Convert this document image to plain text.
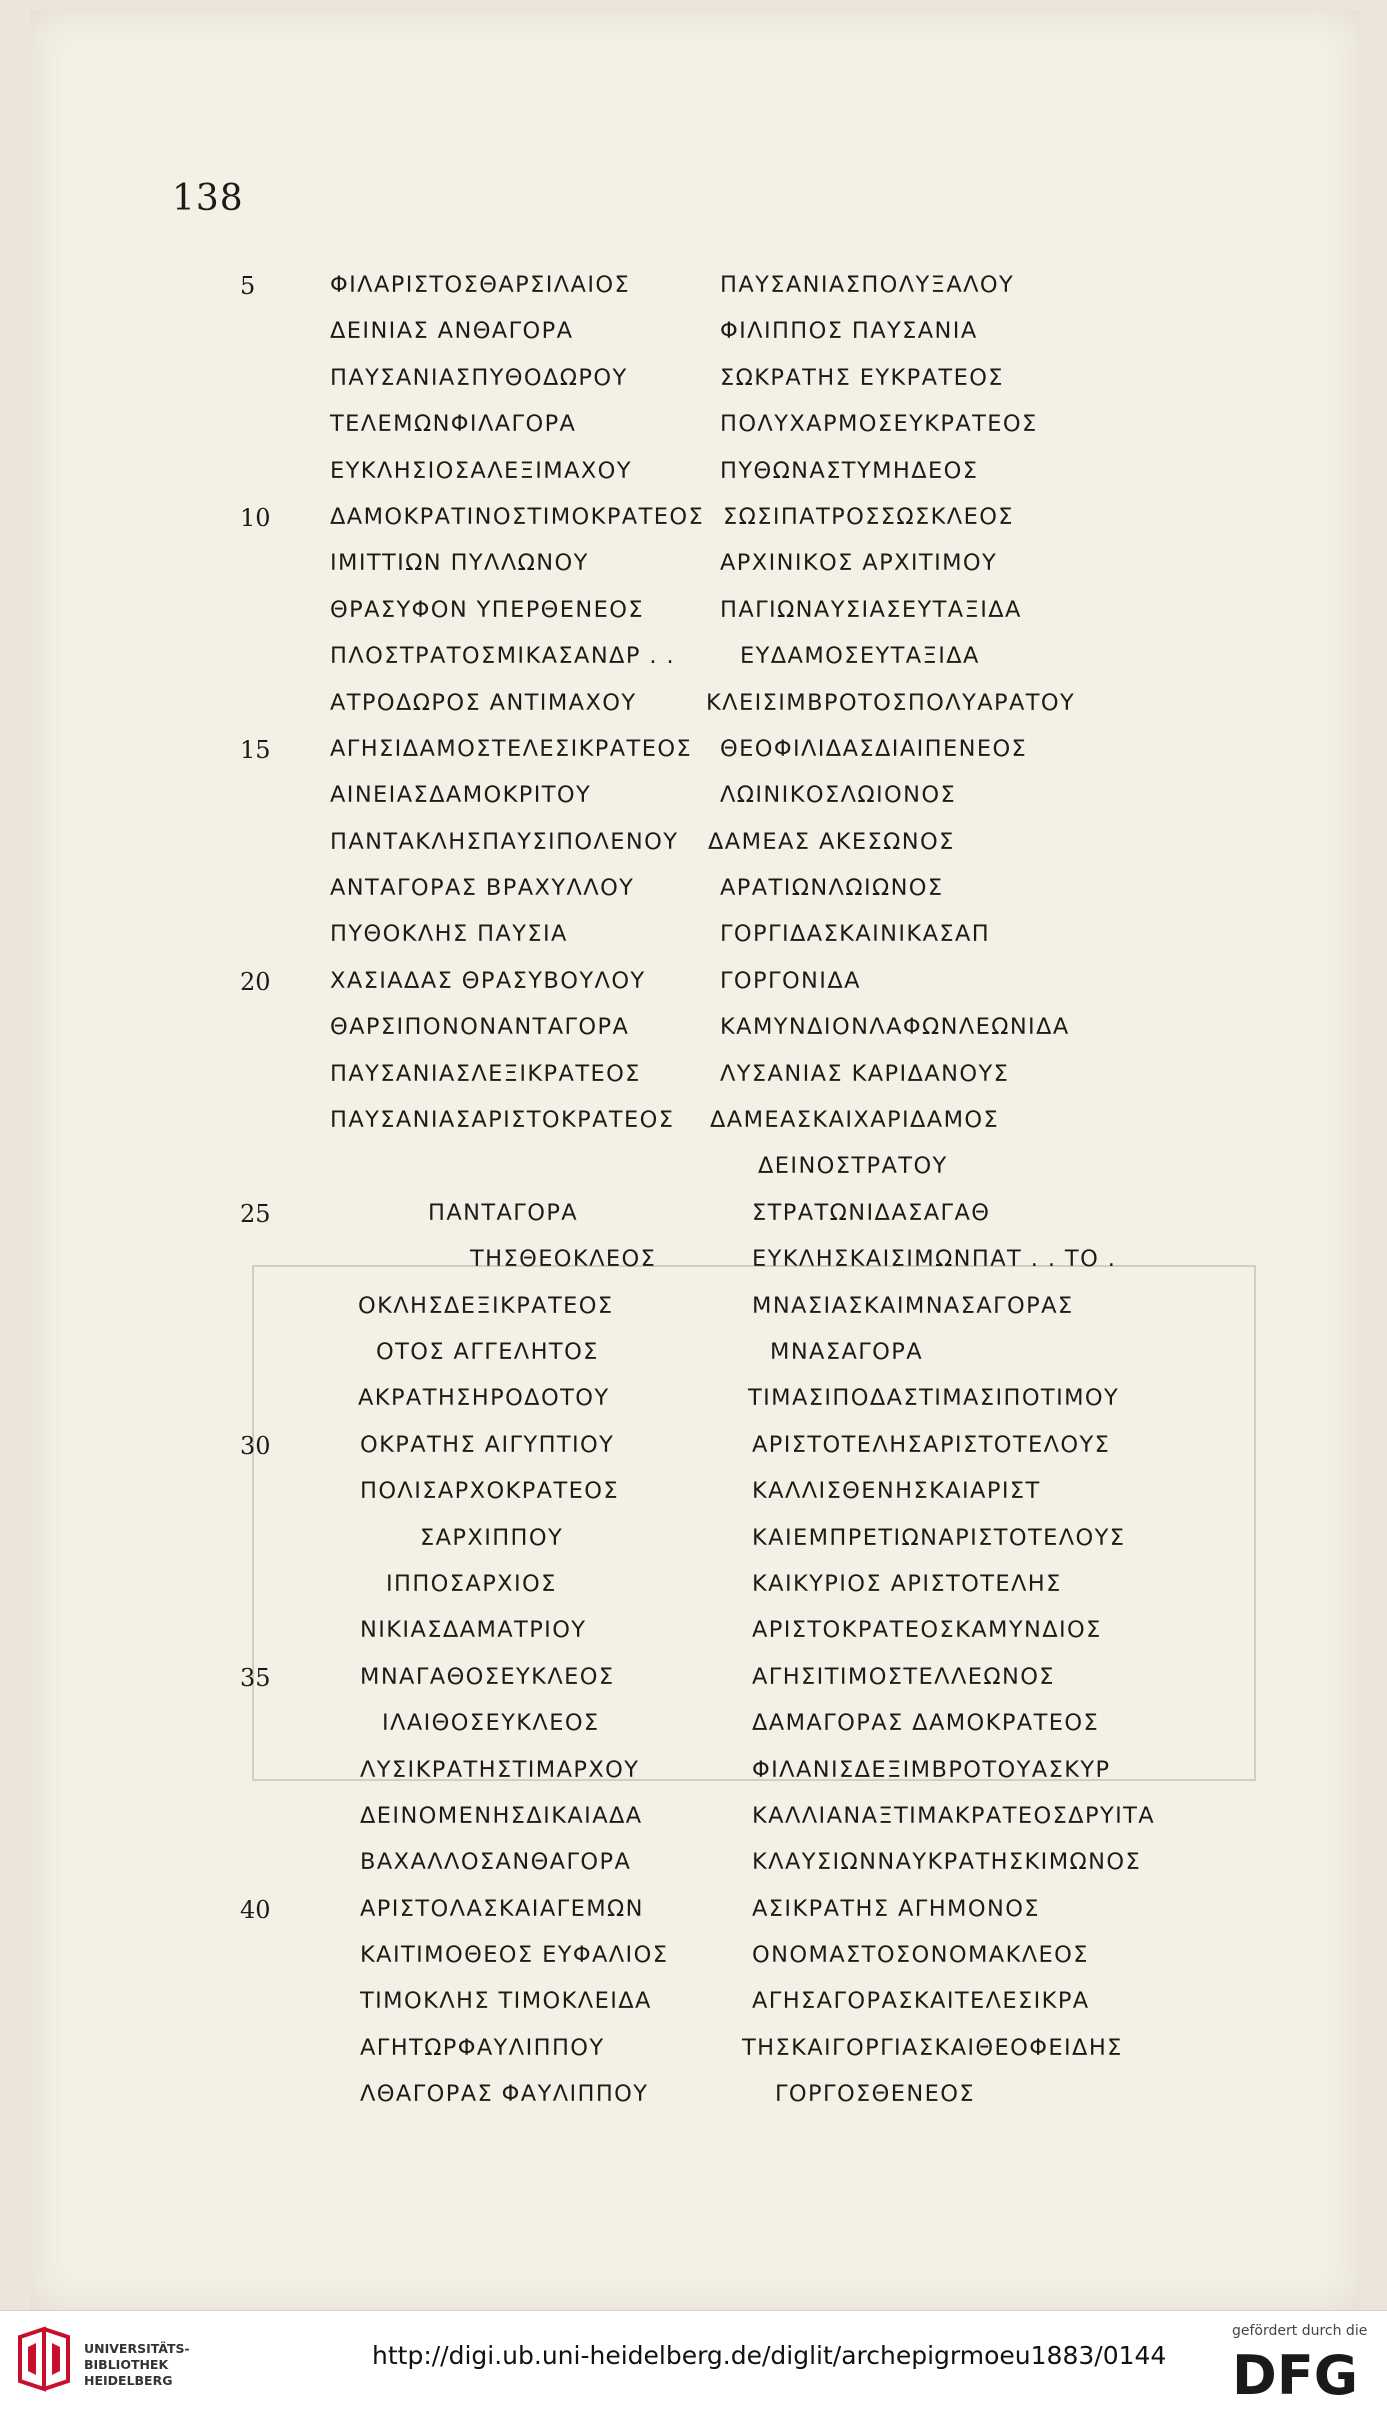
138
5	ΦΙΛΑΡΙΣΤΟΣΘΑΡΣΙΛΑΙΟΣ	ΠΑΥΣΑΝΙΑΣΠΟΛΥΞΑΛΟΥ
ΔΕΙΝΙΑΣ ΑΝΘΑΓΟΡΑ	ΦΙΛΙΠΠΟΣ ΠΑΥΣΑΝΙΑ
ΠΑΥΣΑΝΙΑΣΠΥΘΟΔΩΡΟΥ	ΣΩΚΡΑΤΗΣ ΕΥΚΡΑΤΕΟΣ
ΤΕΛΕΜΩΝΦΙΛΑΓΟΡΑ	ΠΟΛΥΧΑΡΜΟΣΕΥΚΡΑΤΕΟΣ
ΕΥΚΛΗΣΙΟΣΑΛΕΞΙΜΑΧΟΥ	ΠΥΘΩΝΑΣΤΥΜΗΔΕΟΣ
10	ΔΑΜΟΚΡΑΤΙΝΟΣΤΙΜΟΚΡΑΤΕΟΣ ΣΩΣΙΠΑΤΡΟΣΣΩΣΚΛΕΟΣ
ΙΜΙΤΤΙΩΝ ΠΥΛΛΩΝΟΥ	ΑΡΧΙΝΙΚΟΣ ΑΡΧΙΤΙΜΟΥ
ΘΡΑΣΥΦΟΝ ΥΠΕΡΘΕΝΕΟΣ	ΠΑΓΙΩΝΑΥΣΙΑΣΕΥΤΑΞΙΔΑ
ΠΛΟΣΤΡΑΤΟΣΜΙΚΑΣΑΝΔΡ . .	ΕΥΔΑΜΟΣΕΥΤΑΞΙΔΑ
ΑΤΡΟΔΩΡΟΣ ΑΝΤΙΜΑΧΟΥ	ΚΛΕΙΣΙΜΒΡΟΤΟΣΠΟΛΥΑΡΑΤΟΥ
15	ΑΓΗΣΙΔΑΜΟΣΤΕΛΕΣΙΚΡΑΤΕΟΣ ΘΕΟΦΙΛΙΔΑΣΔΙΑΙΠΕΝΕΟΣ
ΑΙΝΕΙΑΣΔΑΜΟΚΡΙΤΟΥ	ΛΩΙΝΙΚΟΣΛΩΙΟΝΟΣ
ΠΑΝΤΑΚΛΗΣΠΑΥΣΙΠΟΛΕΝΟΥ ΔΑΜΕΑΣ ΑΚΕΣΩΝΟΣ
ΑΝΤΑΓΟΡΑΣ ΒΡΑΧΥΛΛΟΥ	ΑΡΑΤΙΩΝΛΩΙΩΝΟΣ
ΠΥΘΟΚΛΗΣ ΠΑΥΣΙΑ	ΓΟΡΓΙΔΑΣΚΑΙΝΙΚΑΣΑΠ
20	ΧΑΣΙΑΔΑΣ ΘΡΑΣΥΒΟΥΛΟΥ	ΓΟΡΓΟΝΙΔΑ
ΘΑΡΣΙΠΟΝΟΝΑΝΤΑΓΟΡΑ	ΚΑΜΥΝΔΙΟΝΛΑΦΩΝΛΕΩΝΙΔΑ
ΠΑΥΣΑΝΙΑΣΛΕΞΙΚΡΑΤΕΟΣ	ΛΥΣΑΝΙΑΣ ΚΑΡΙΔΑΝΟΥΣ
ΠΑΥΣΑΝΙΑΣΑΡΙΣΤΟΚΡΑΤΕΟΣ ΔΑΜΕΑΣΚΑΙΧΑΡΙΔΑΜΟΣ
ΔΕΙΝΟΣΤΡΑΤΟΥ
25	ΠΑΝΤΑΓΟΡΑ	ΣΤΡΑΤΩΝΙΔΑΣΑΓΑΘ
ΤΗΣΘΕΟΚΛΕΟΣ	ΕΥΚΛΗΣΚΑΙΣΙΜΩΝΠΑΤ . . ΤΟ .
ΟΚΛΗΣΔΕΞΙΚΡΑΤΕΟΣ	ΜΝΑΣΙΑΣΚΑΙΜΝΑΣΑΓΟΡΑΣ
ΟΤΟΣ ΑΓΓΕΛΗΤΟΣ	ΜΝΑΣΑΓΟΡΑ
ΑΚΡΑΤΗΣΗΡΟΔΟΤΟΥ	ΤΙΜΑΣΙΠΟΔΑΣΤΙΜΑΣΙΠΟΤΙΜΟΥ
30	ΟΚΡΑΤΗΣ ΑΙΓΥΠΤΙΟΥ	ΑΡΙΣΤΟΤΕΛΗΣΑΡΙΣΤΟΤΕΛΟΥΣ
ΠΟΛΙΣΑΡΧΟΚΡΑΤΕΟΣ	ΚΑΛΛΙΣΘΕΝΗΣΚΑΙΑΡΙΣΤ
ΣΑΡΧΙΠΠΟΥ	ΚΑΙΕΜΠΡΕΤΙΩΝΑΡΙΣΤΟΤΕΛΟΥΣ
ΙΠΠΟΣΑΡΧΙΟΣ	ΚΑΙΚΥΡΙΟΣ ΑΡΙΣΤΟΤΕΛΗΣ
ΝΙΚΙΑΣΔΑΜΑΤΡΙΟΥ	ΑΡΙΣΤΟΚΡΑΤΕΟΣΚΑΜΥΝΔΙΟΣ
35	ΜΝΑΓΑΘΟΣΕΥΚΛΕΟΣ	ΑΓΗΣΙΤΙΜΟΣΤΕΛΛΕΩΝΟΣ
ΙΛΑΙΘΟΣΕΥΚΛΕΟΣ	ΔΑΜΑΓΟΡΑΣ ΔΑΜΟΚΡΑΤΕΟΣ
ΛΥΣΙΚΡΑΤΗΣΤΙΜΑΡΧΟΥ	ΦΙΛΑΝΙΣΔΕΞΙΜΒΡΟΤΟΥΑΣΚΥΡ
ΔΕΙΝΟΜΕΝΗΣΔΙΚΑΙΑΔΑ	ΚΑΛΛΙΑΝΑΞΤΙΜΑΚΡΑΤΕΟΣΔΡΥΙΤΑ
ΒΑΧΑΛΛΟΣΑΝΘΑΓΟΡΑ	ΚΛΑΥΣΙΩΝΝΑΥΚΡΑΤΗΣΚΙΜΩΝΟΣ
40	ΑΡΙΣΤΟΛΑΣΚΑΙΑΓΕΜΩΝ	ΑΣΙΚΡΑΤΗΣ ΑΓΗΜΟΝΟΣ
ΚΑΙΤΙΜΟΘΕΟΣ ΕΥΦΑΛΙΟΣ	ΟΝΟΜΑΣΤΟΣΟΝΟΜΑΚΛΕΟΣ
ΤΙΜΟΚΛΗΣ ΤΙΜΟΚΛΕΙΔΑ	ΑΓΗΣΑΓΟΡΑΣΚΑΙΤΕΛΕΣΙΚΡΑ
ΑΓΗΤΩΡΦΑΥΛΙΠΠΟΥ	ΤΗΣΚΑΙΓΟΡΓΙΑΣΚΑΙΘΕΟΦΕΙΔΗΣ
ΛΘΑΓΟΡΑΣ ΦΑΥΛΙΠΠΟΥ	ΓΟΡΓΟΣΘΕΝΕΟΣ
UNIVERSITÄTS-
BIBLIOTHEK
HEIDELBERG
http://digi.ub.uni-heidelberg.de/diglit/archepigrmoeu1883/0144
gefördert durch die
DFG
